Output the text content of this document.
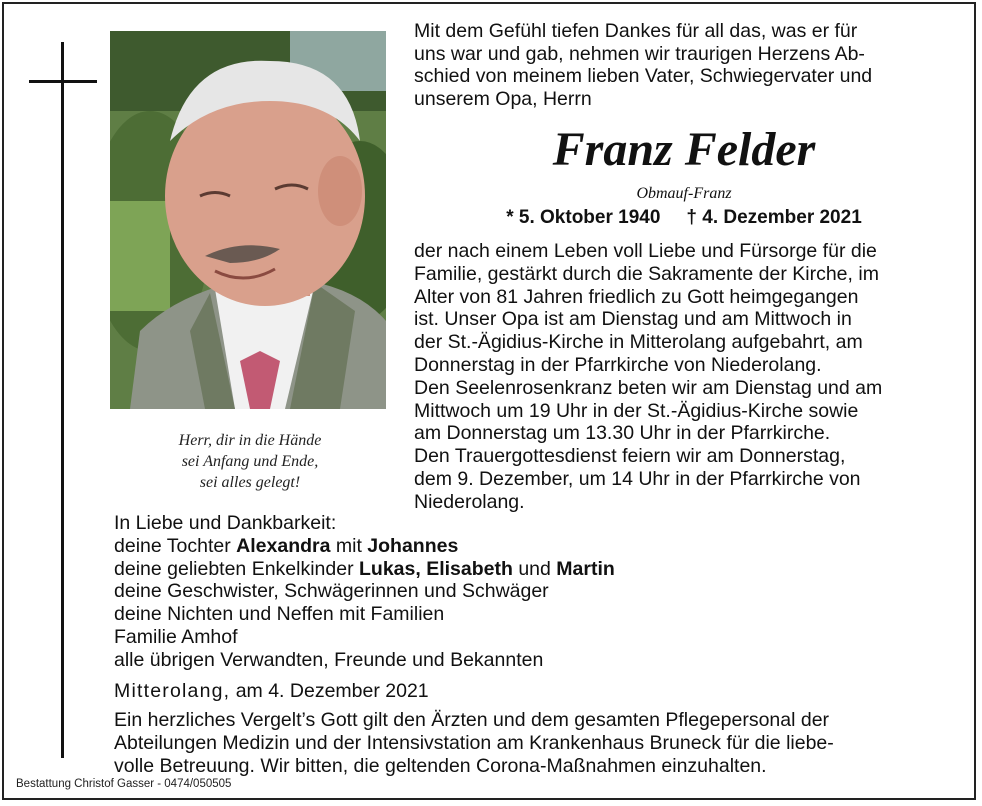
Herr, dir in die Hände
sei Anfang und Ende,
sei alles gelegt!
Mit dem Gefühl tiefen Dankes für all das, was er für
uns war und gab, nehmen wir traurigen Herzens Ab-
schied von meinem lieben Vater, Schwiegervater und
unserem Opa, Herrn
Franz Felder
Obmauf-Franz
* 5. Oktober 1940 † 4. Dezember 2021
der nach einem Leben voll Liebe und Fürsorge für die
Familie, gestärkt durch die Sakramente der Kirche, im
Alter von 81 Jahren friedlich zu Gott heimgegangen
ist. Unser Opa ist am Dienstag und am Mittwoch in
der St.-Ägidius-Kirche in Mitterolang aufgebahrt, am
Donnerstag in der Pfarrkirche von Niederolang.
Den Seelenrosenkranz beten wir am Dienstag und am
Mittwoch um 19 Uhr in der St.-Ägidius-Kirche sowie
am Donnerstag um 13.30 Uhr in der Pfarrkirche.
Den Trauergottesdienst feiern wir am Donnerstag,
dem 9. Dezember, um 14 Uhr in der Pfarrkirche von
Niederolang.
In Liebe und Dankbarkeit:
deine Tochter Alexandra mit Johannes
deine geliebten Enkelkinder Lukas, Elisabeth und Martin
deine Geschwister, Schwägerinnen und Schwäger
deine Nichten und Neffen mit Familien
Familie Amhof
alle übrigen Verwandten, Freunde und Bekannten
Mitterolang, am 4. Dezember 2021
Ein herzliches Vergelt’s Gott gilt den Ärzten und dem gesamten Pflegepersonal der
Abteilungen Medizin und der Intensivstation am Krankenhaus Bruneck für die liebe-
volle Betreuung. Wir bitten, die geltenden Corona-Maßnahmen einzuhalten.
Bestattung Christof Gasser - 0474/050505
